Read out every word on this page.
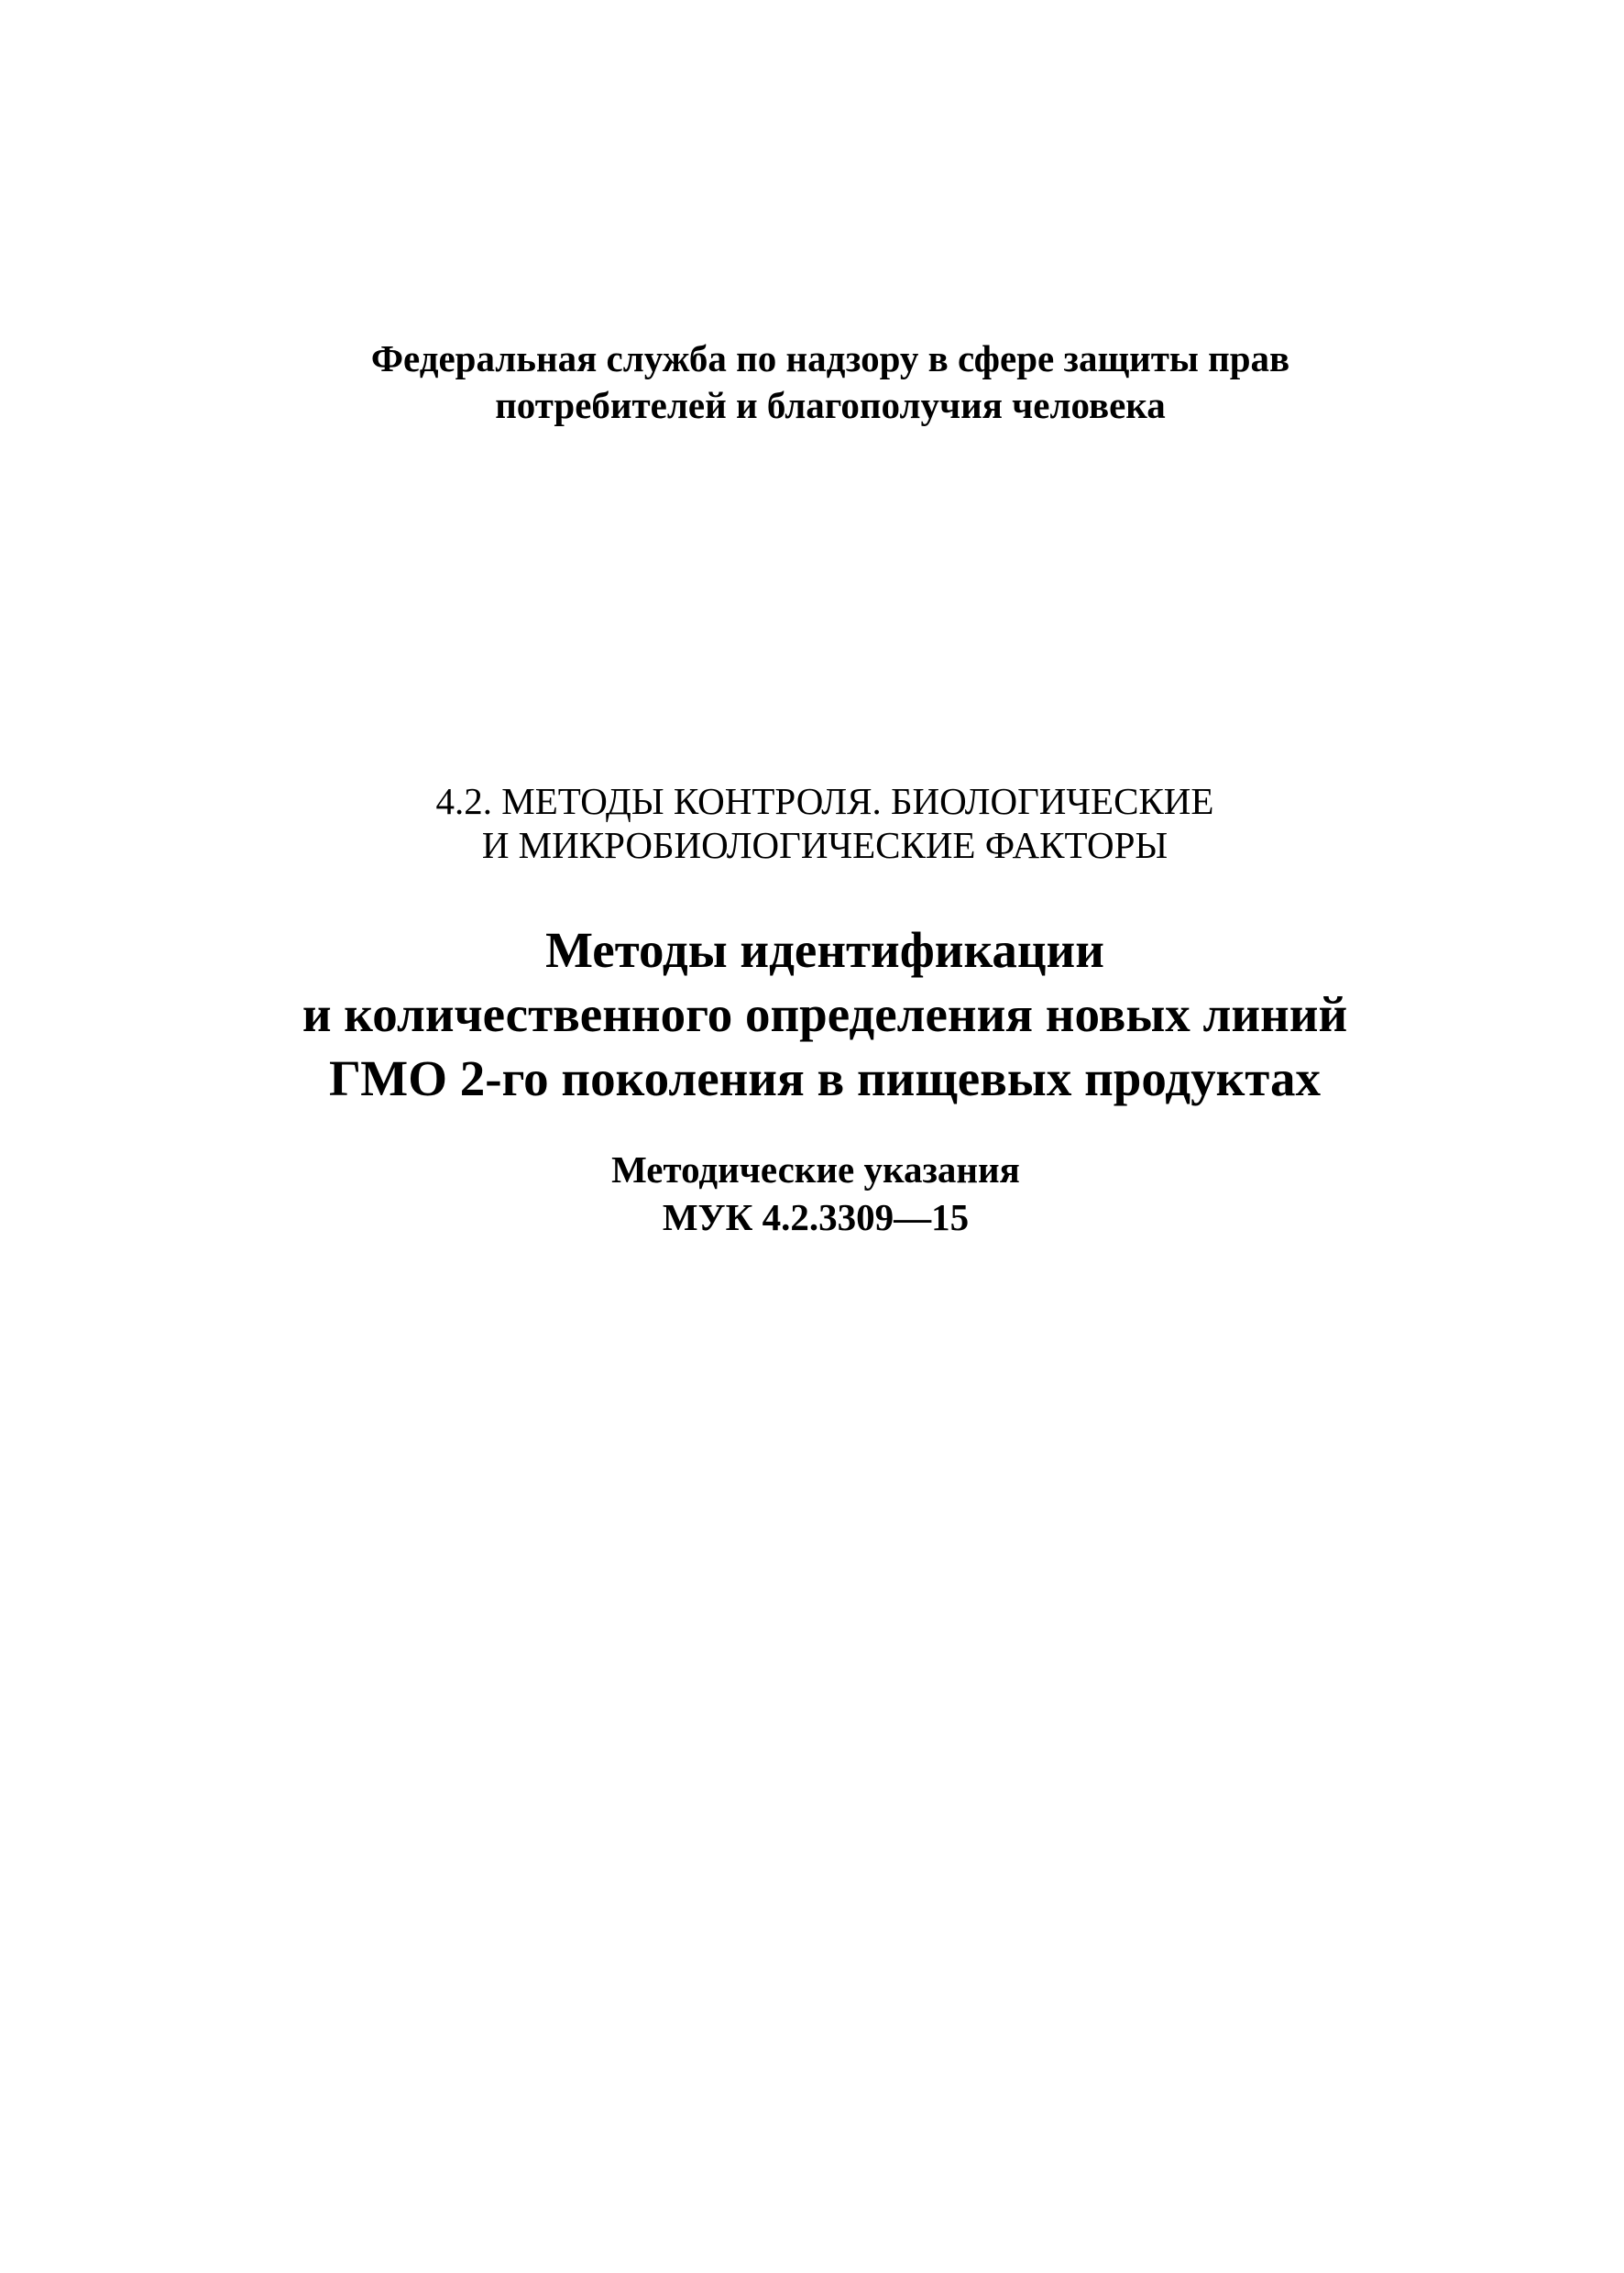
Федеральная служба по надзору в сфере защиты прав
потребителей и благополучия человека
4.2. МЕТОДЫ КОНТРОЛЯ. БИОЛОГИЧЕСКИЕ
И МИКРОБИОЛОГИЧЕСКИЕ ФАКТОРЫ
Методы идентификации
и количественного определения новых линий
ГМО 2-го поколения в пищевых продуктах
Методические указания
МУК 4.2.3309—15
